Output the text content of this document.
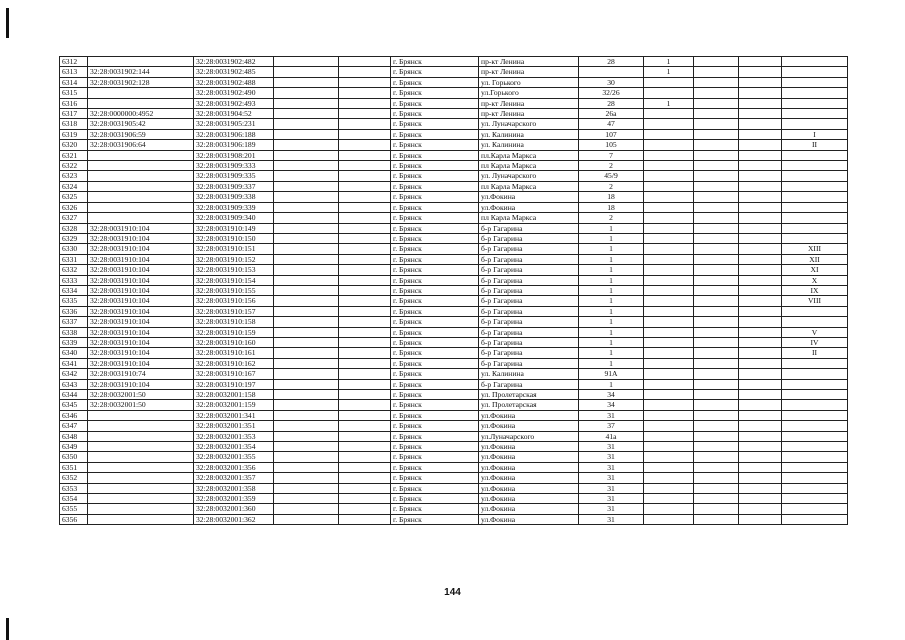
6312		32:28:0031902:482			г. Брянск	пр-кт Ленина	28	1			
6313	32:28:0031902:144	32:28:0031902:485			г. Брянск	пр-кт Ленина		1			
6314	32:28:0031902:128	32:28:0031902:488			г. Брянск	ул. Горького	30				
6315		32:28:0031902:490			г. Брянск	ул.Горького	32/26				
6316		32:28:0031902:493			г. Брянск	пр-кт Ленина	28	1			
6317	32:28:0000000:4952	32:28:0031904:52			г. Брянск	пр-кт Ленина	26а				
6318	32:28:0031905:42	32:28:0031905:231			г. Брянск	ул. Луначарского	47				
6319	32:28:0031906:59	32:28:0031906:188			г. Брянск	ул. Калинина	107				I
6320	32:28:0031906:64	32:28:0031906:189			г. Брянск	ул. Калинина	105				II
6321		32:28:0031908:201			г. Брянск	пл.Карла Маркса	7				
6322		32:28:0031909:333			г. Брянск	пл Карла Маркса	2				
6323		32:28:0031909:335			г. Брянск	ул. Луначарского	45/9				
6324		32:28:0031909:337			г. Брянск	пл Карла Маркса	2				
6325		32:28:0031909:338			г. Брянск	ул.Фокина	18				
6326		32:28:0031909:339			г. Брянск	ул.Фокина	18				
6327		32:28:0031909:340			г. Брянск	пл Карла Маркса	2				
6328	32:28:0031910:104	32:28:0031910:149			г. Брянск	б-р Гагарина	1				
6329	32:28:0031910:104	32:28:0031910:150			г. Брянск	б-р Гагарина	1				
6330	32:28:0031910:104	32:28:0031910:151			г. Брянск	б-р Гагарина	1				XIII
6331	32:28:0031910:104	32:28:0031910:152			г. Брянск	б-р Гагарина	1				XII
6332	32:28:0031910:104	32:28:0031910:153			г. Брянск	б-р Гагарина	1				XI
6333	32:28:0031910:104	32:28:0031910:154			г. Брянск	б-р Гагарина	1				X
6334	32:28:0031910:104	32:28:0031910:155			г. Брянск	б-р Гагарина	1				IX
6335	32:28:0031910:104	32:28:0031910:156			г. Брянск	б-р Гагарина	1				VIII
6336	32:28:0031910:104	32:28:0031910:157			г. Брянск	б-р Гагарина	1				
6337	32:28:0031910:104	32:28:0031910:158			г. Брянск	б-р Гагарина	1				
6338	32:28:0031910:104	32:28:0031910:159			г. Брянск	б-р Гагарина	1				V
6339	32:28:0031910:104	32:28:0031910:160			г. Брянск	б-р Гагарина	1				IV
6340	32:28:0031910:104	32:28:0031910:161			г. Брянск	б-р Гагарина	1				II
6341	32:28:0031910:104	32:28:0031910:162			г. Брянск	б-р Гагарина	1				
6342	32:28:0031910:74	32:28:0031910:167			г. Брянск	ул. Калинина	91А				
6343	32:28:0031910:104	32:28:0031910:197			г. Брянск	б-р Гагарина	1				
6344	32:28:0032001:50	32:28:0032001:158			г. Брянск	ул. Пролетарская	34				
6345	32:28:0032001:50	32:28:0032001:159			г. Брянск	ул. Пролетарская	34				
6346		32:28:0032001:341			г. Брянск	ул.Фокина	31				
6347		32:28:0032001:351			г. Брянск	ул.Фокина	37				
6348		32:28:0032001:353			г. Брянск	ул.Луначарского	41а				
6349		32:28:0032001:354			г. Брянск	ул.Фокина	31				
6350		32:28:0032001:355			г. Брянск	ул.Фокина	31				
6351		32:28:0032001:356			г. Брянск	ул.Фокина	31				
6352		32:28:0032001:357			г. Брянск	ул.Фокина	31				
6353		32:28:0032001:358			г. Брянск	ул.Фокина	31				
6354		32:28:0032001:359			г. Брянск	ул.Фокина	31				
6355		32:28:0032001:360			г. Брянск	ул.Фокина	31				
6356		32:28:0032001:362			г. Брянск	ул.Фокина	31				
144
